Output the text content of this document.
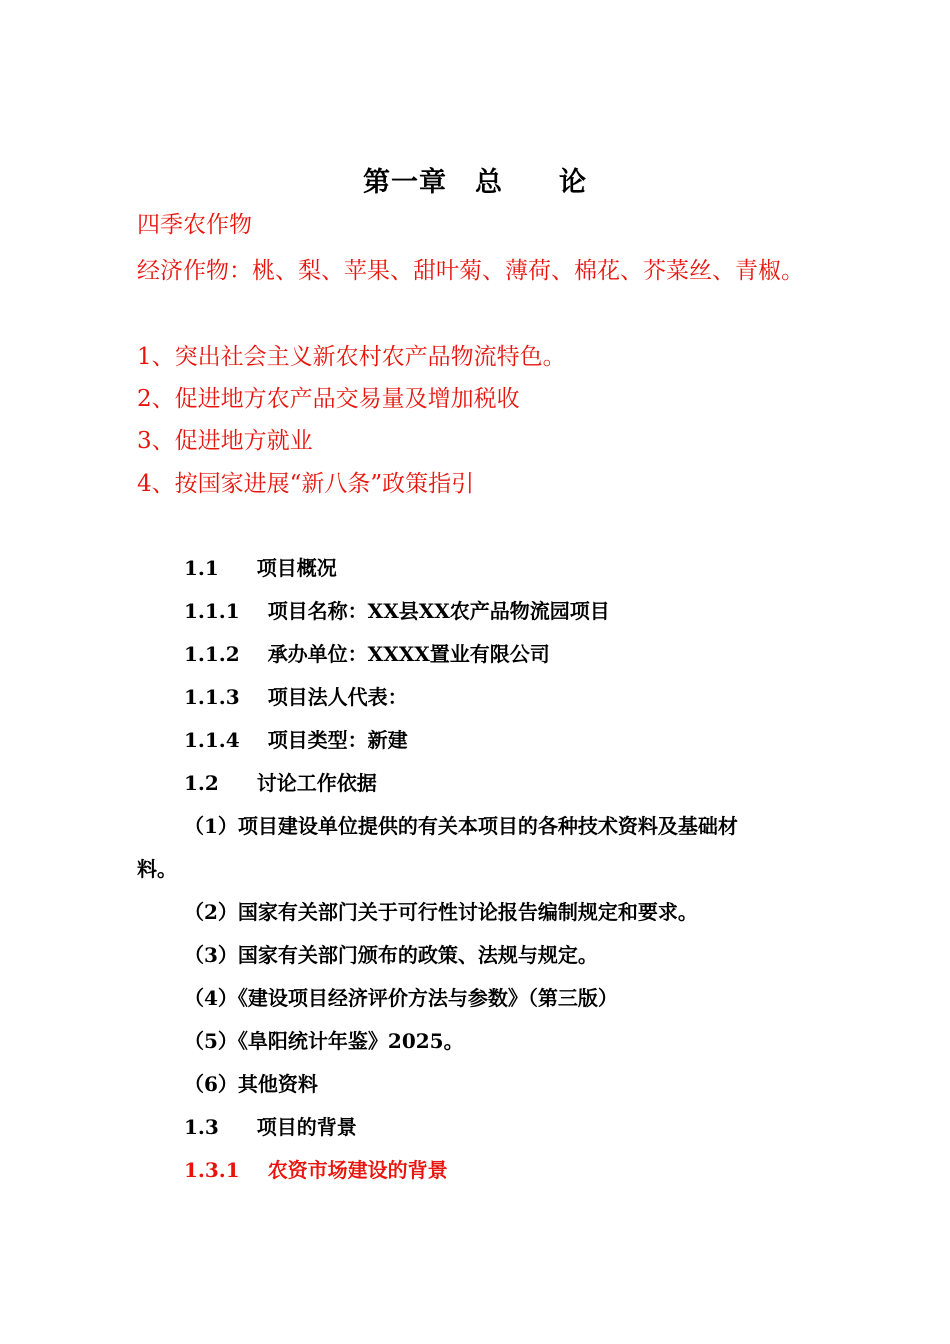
第一章　总　　论
四季农作物
经济作物：桃、梨、苹果、甜叶菊、薄荷、棉花、芥菜丝、青椒。
1、突出社会主义新农村农产品物流特色。
2、促进地方农产品交易量及增加税收
3、促进地方就业
4、按国家进展“新八条”政策指引
1.1 项目概况
1.1.1 项目名称：XX县XX农产品物流园项目
1.1.2 承办单位：XXXX置业有限公司
1.1.3 项目法人代表：
1.1.4 项目类型：新建
1.2 讨论工作依据
（1）项目建设单位提供的有关本项目的各种技术资料及基础材
料。
（2）国家有关部门关于可行性讨论报告编制规定和要求。
（3）国家有关部门颁布的政策、法规与规定。
（4）《建设项目经济评价方法与参数》（第三版）
（5）《阜阳统计年鉴》2025。
（6）其他资料
1.3 项目的背景
1.3.1 农资市场建设的背景
